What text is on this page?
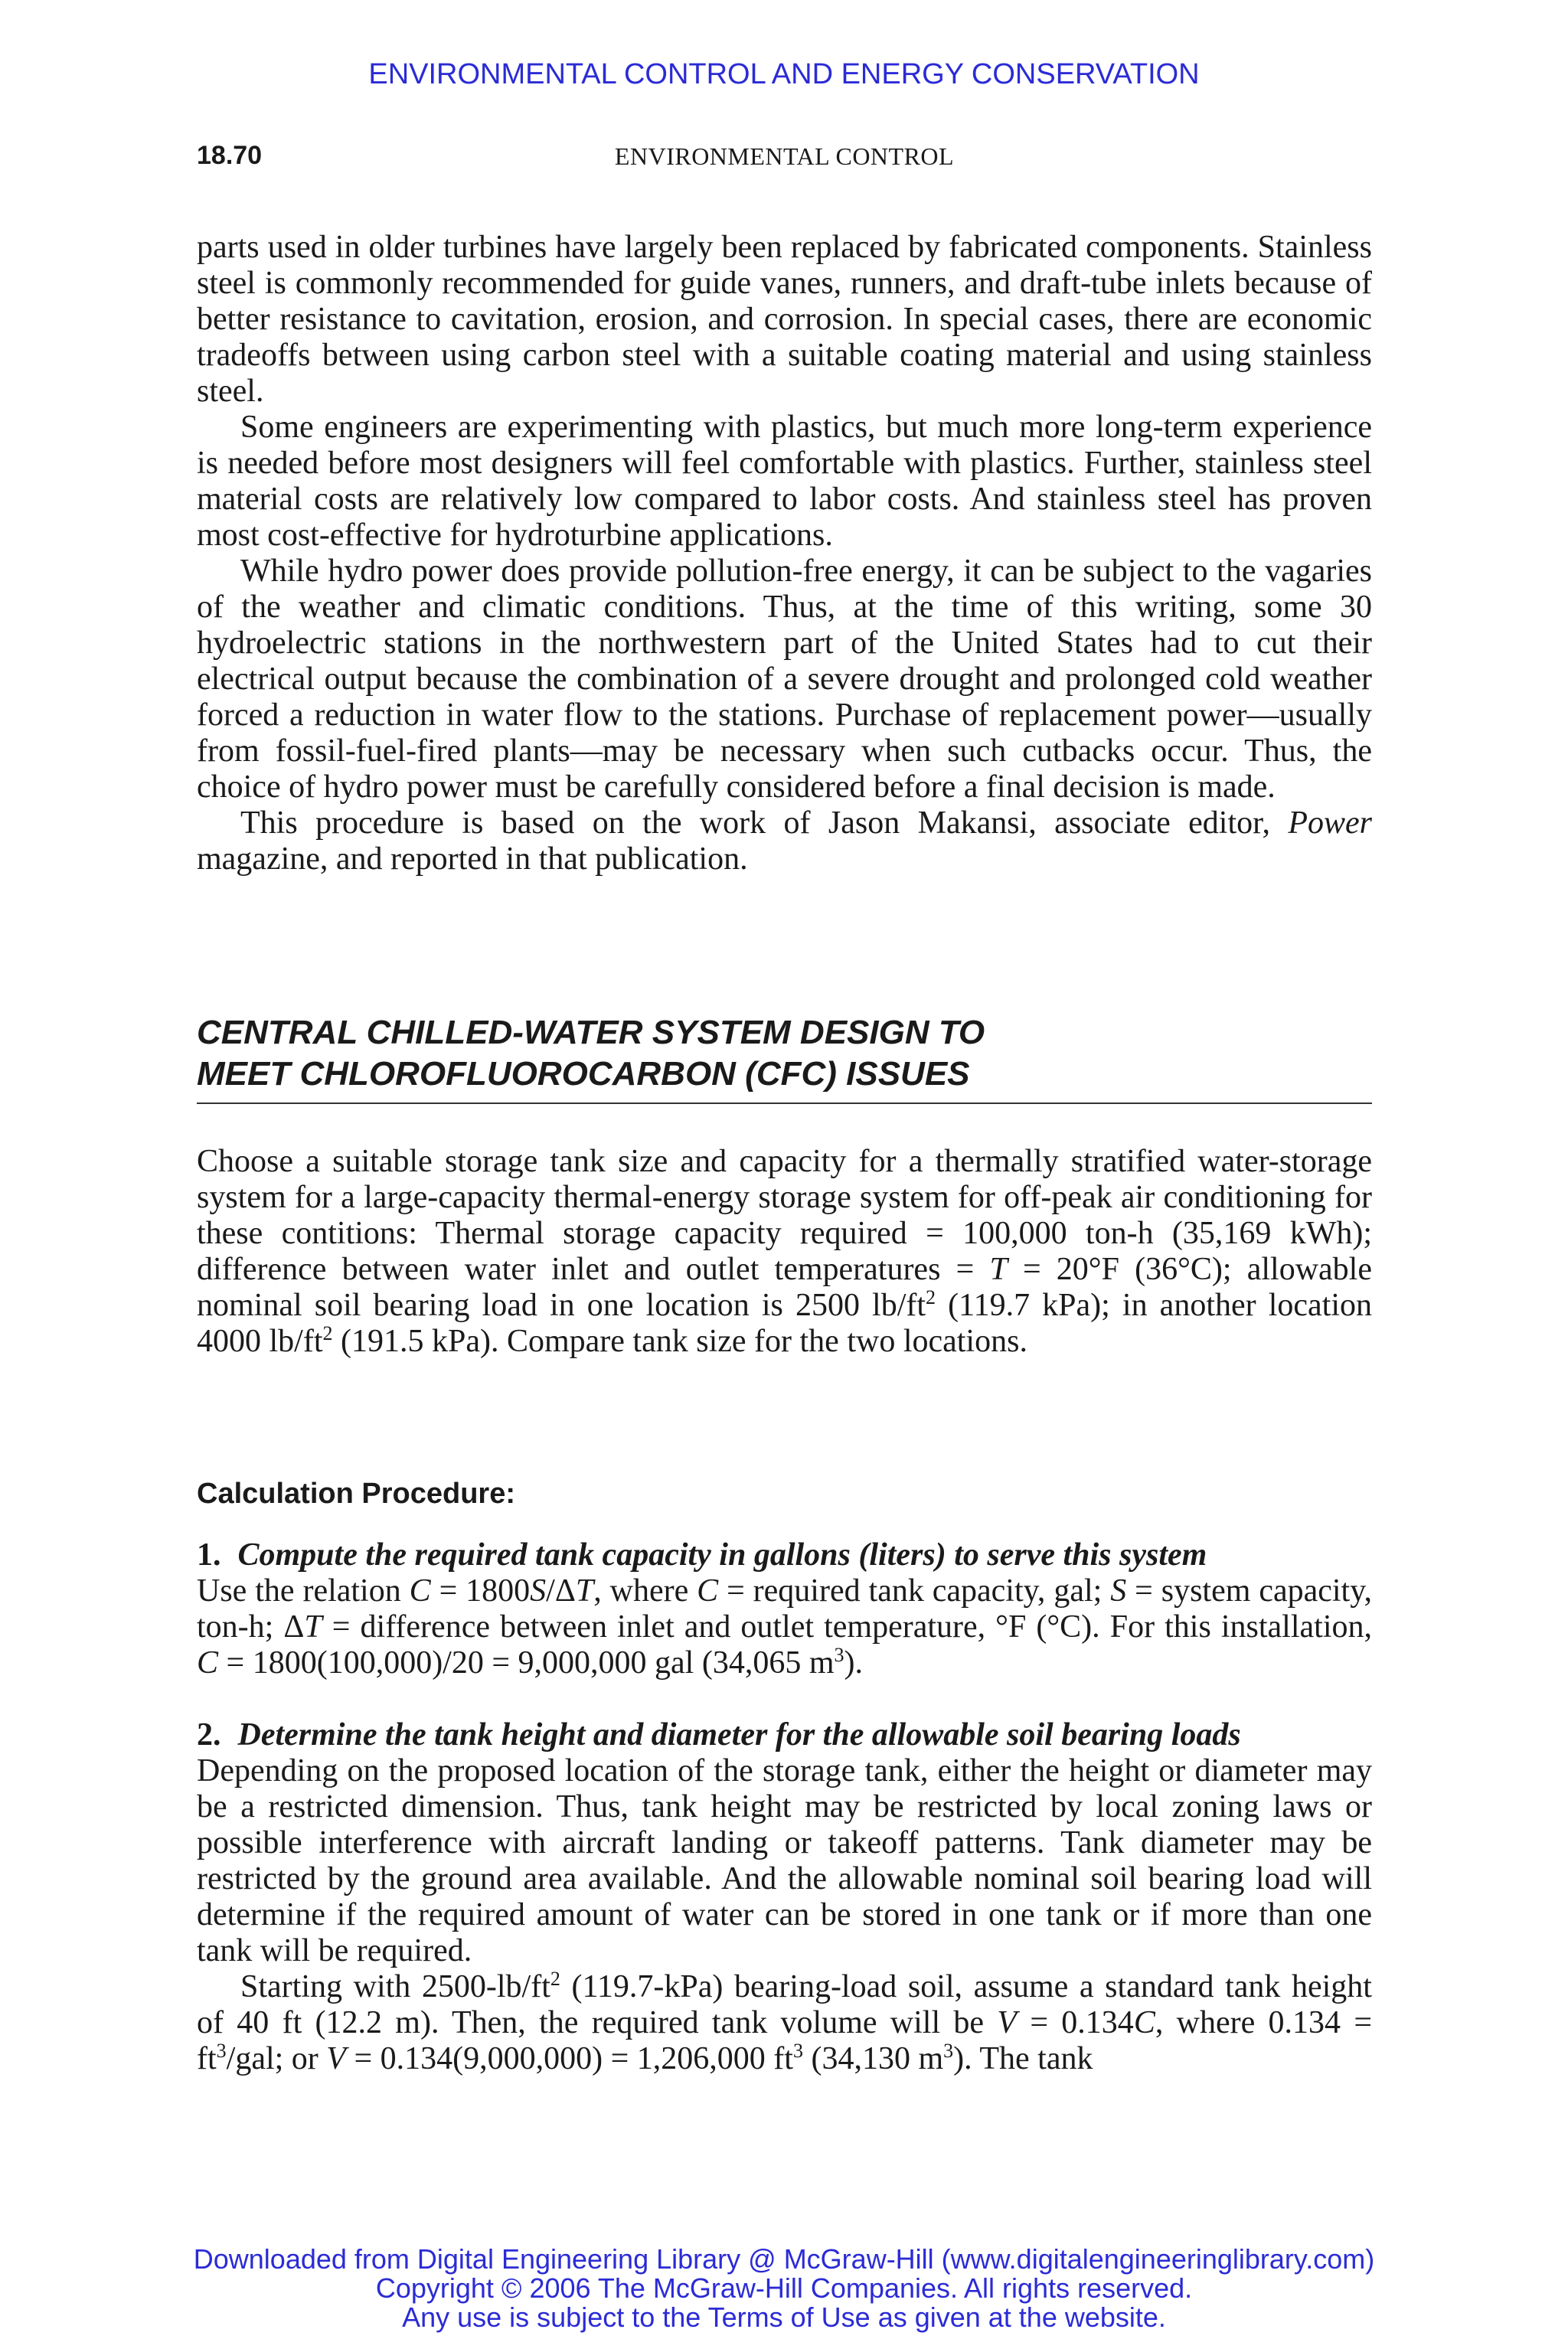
ENVIRONMENTAL CONTROL AND ENERGY CONSERVATION
18.70	ENVIRONMENTAL CONTROL

parts used in older turbines have largely been replaced by fabricated components. Stainless steel is commonly recommended for guide vanes, runners, and draft-tube inlets because of better resistance to cavitation, erosion, and corrosion. In special cases, there are economic tradeoffs between using carbon steel with a suitable coating material and using stainless steel.

Some engineers are experimenting with plastics, but much more long-term experience is needed before most designers will feel comfortable with plastics. Further, stainless steel material costs are relatively low compared to labor costs. And stainless steel has proven most cost-effective for hydroturbine applications.

While hydro power does provide pollution-free energy, it can be subject to the vagaries of the weather and climatic conditions. Thus, at the time of this writing, some 30 hydroelectric stations in the northwestern part of the United States had to cut their electrical output because the combination of a severe drought and prolonged cold weather forced a reduction in water flow to the stations. Purchase of replacement power—usually from fossil-fuel-fired plants—may be necessary when such cutbacks occur. Thus, the choice of hydro power must be carefully considered before a final decision is made.

This procedure is based on the work of Jason Makansi, associate editor, Power magazine, and reported in that publication.

CENTRAL CHILLED-WATER SYSTEM DESIGN TO
MEET CHLOROFLUOROCARBON (CFC) ISSUES

Choose a suitable storage tank size and capacity for a thermally stratified water-storage system for a large-capacity thermal-energy storage system for off-peak air conditioning for these contitions: Thermal storage capacity required = 100,000 ton-h (35,169 kWh); difference between water inlet and outlet temperatures = T = 20°F (36°C); allowable nominal soil bearing load in one location is 2500 $lb/ft^2$ (119.7 kPa); in another location 4000 $lb/ft^2$ (191.5 kPa). Compare tank size for the two locations.

Calculation Procedure:
1. Compute the required tank capacity in gallons (liters) to serve this system

Use the relation C = 1800S/ΔT, where C = required tank capacity, gal; S = system capacity, ton-h; ΔT = difference between inlet and outlet temperature, °F (°C). For this installation, C = 1800(100,000)/20 = 9,000,000 gal (34,065 $m^3$).

2. Determine the tank height and diameter for the allowable soil bearing loads

Depending on the proposed location of the storage tank, either the height or diameter may be a restricted dimension. Thus, tank height may be restricted by local zoning laws or possible interference with aircraft landing or takeoff patterns. Tank diameter may be restricted by the ground area available. And the allowable nominal soil bearing load will determine if the required amount of water can be stored in one tank or if more than one tank will be required.

Starting with $2500-lb/ft^2$ (119.7-kPa) bearing-load soil, assume a standard tank height of 40 ft (12.2 m). Then, the required tank volume will be V = 0.134C, where $0.134 = ft^3$/gal; or V = 0.134(9,000,000) = 1,206,000 $ft^3$ (34,130 $m^3$). The tank

Downloaded from Digital Engineering Library @ McGraw-Hill (www.digitalengineeringlibrary.com)
Copyright © 2006 The McGraw-Hill Companies. All rights reserved.
Any use is subject to the Terms of Use as given at the website.
